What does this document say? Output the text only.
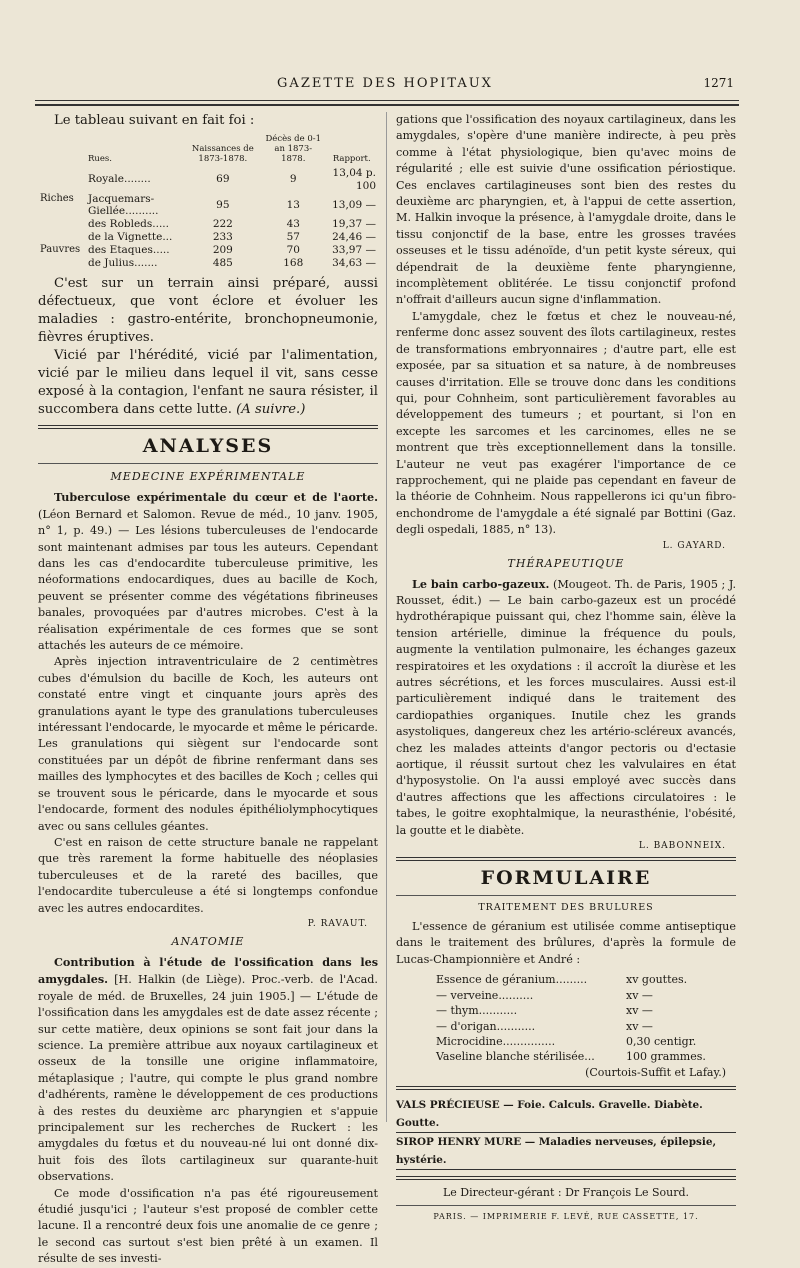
GAZETTE DES HOPITAUX	1271

Le tableau suivant en fait foi :

	Rues.	Naissances de 1873-1878.	Décès de 0-1 an 1873-1878.	Rapport.
Riches	Royale........	69	9	13,04 p. 100
	Jacquemars-Giellée..........	95	13	13,09 —
	des Robleds.....	222	43	19,37 —
Pauvres	de la Vignette...	233	57	24,46 —
	des Etaques.....	209	70	33,97 —
	de Julius.......	485	168	34,63 —

C'est sur un terrain ainsi préparé, aussi défectueux, que vont éclore et évoluer les maladies : gastro-entérite, bronchopneumonie, fièvres éruptives.

Vicié par l'hérédité, vicié par l'alimentation, vicié par le milieu dans lequel il vit, sans cesse exposé à la contagion, l'enfant ne saura résister, il succombera dans cette lutte. (A suivre.)

ANALYSES
MEDECINE EXPÉRIMENTALE

Tuberculose expérimentale du cœur et de l'aorte. (Léon Bernard et Salomon. Revue de méd., 10 janv. 1905, n° 1, p. 49.) — Les lésions tuberculeuses de l'endocarde sont maintenant admises par tous les auteurs. Cependant dans les cas d'endocardite tuberculeuse primitive, les néoformations endocardiques, dues au bacille de Koch, peuvent se présenter comme des végétations fibrineuses banales, provoquées par d'autres microbes. C'est à la réalisation expérimentale de ces formes que se sont attachés les auteurs de ce mémoire.

Après injection intraventriculaire de 2 centimètres cubes d'émulsion du bacille de Koch, les auteurs ont constaté entre vingt et cinquante jours après des granulations ayant le type des granulations tuberculeuses intéressant l'endocarde, le myocarde et même le péricarde. Les granulations qui siègent sur l'endocarde sont constituées par un dépôt de fibrine renfermant dans ses mailles des lymphocytes et des bacilles de Koch ; celles qui se trouvent sous le péricarde, dans le myocarde et sous l'endocarde, forment des nodules épithéliolymphocytiques avec ou sans cellules géantes.

C'est en raison de cette structure banale ne rappelant que très rarement la forme habituelle des néoplasies tuberculeuses et de la rareté des bacilles, que l'endocardite tuberculeuse a été si longtemps confondue avec les autres endocardites.

P. RAVAUT.
ANATOMIE

Contribution à l'étude de l'ossification dans les amygdales. [H. Halkin (de Liège). Proc.-verb. de l'Acad. royale de méd. de Bruxelles, 24 juin 1905.] — L'étude de l'ossification dans les amygdales est de date assez récente ; sur cette matière, deux opinions se sont fait jour dans la science. La première attribue aux noyaux cartilagineux et osseux de la tonsille une origine inflammatoire, métaplasique ; l'autre, qui compte le plus grand nombre d'adhérents, ramène le développement de ces productions à des restes du deuxième arc pharyngien et s'appuie principalement sur les recherches de Ruckert : les amygdales du fœtus et du nouveau-né lui ont donné dix-huit fois des îlots cartilagineux sur quarante-huit observations.

Ce mode d'ossification n'a pas été rigoureusement étudié jusqu'ici ; l'auteur s'est proposé de combler cette lacune. Il a rencontré deux fois une anomalie de ce genre ; le second cas surtout s'est bien prêté à un examen. Il résulte de ses investi-

gations que l'ossification des noyaux cartilagineux, dans les amygdales, s'opère d'une manière indirecte, à peu près comme à l'état physiologique, bien qu'avec moins de régularité ; elle est suivie d'une ossification périostique. Ces enclaves cartilagineuses sont bien des restes du deuxième arc pharyngien, et, à l'appui de cette assertion, M. Halkin invoque la présence, à l'amygdale droite, dans le tissu conjonctif de la base, entre les grosses travées osseuses et le tissu adénoïde, d'un petit kyste séreux, qui dépendrait de la deuxième fente pharyngienne, incomplètement oblitérée. Le tissu conjonctif profond n'offrait d'ailleurs aucun signe d'inflammation.

L'amygdale, chez le fœtus et chez le nouveau-né, renferme donc assez souvent des îlots cartilagineux, restes de transformations embryonnaires ; d'autre part, elle est exposée, par sa situation et sa nature, à de nombreuses causes d'irritation. Elle se trouve donc dans les conditions qui, pour Cohnheim, sont particulièrement favorables au développement des tumeurs ; et pourtant, si l'on en excepte les sarcomes et les carcinomes, elles ne se montrent que très exceptionnellement dans la tonsille. L'auteur ne veut pas exagérer l'importance de ce rapprochement, qui ne plaide pas cependant en faveur de la théorie de Cohnheim. Nous rappellerons ici qu'un fibro-enchondrome de l'amygdale a été signalé par Bottini (Gaz. degli ospedali, 1885, n° 13).

L. GAYARD.
THÉRAPEUTIQUE

Le bain carbo-gazeux. (Mougeot. Th. de Paris, 1905 ; J. Rousset, édit.) — Le bain carbo-gazeux est un procédé hydrothérapique puissant qui, chez l'homme sain, élève la tension artérielle, diminue la fréquence du pouls, augmente la ventilation pulmonaire, les échanges gazeux respiratoires et les oxydations : il accroît la diurèse et les autres sécrétions, et les forces musculaires. Aussi est-il particulièrement indiqué dans le traitement des cardiopathies organiques. Inutile chez les grands asystoliques, dangereux chez les artério-scléreux avancés, chez les malades atteints d'angor pectoris ou d'ectasie aortique, il réussit surtout chez les valvulaires en état d'hyposystolie. On l'a aussi employé avec succès dans d'autres affections que les affections circulatoires : le tabes, le goitre exophtalmique, la neurasthénie, l'obésité, la goutte et le diabète.

L. BABONNEIX.
FORMULAIRE
TRAITEMENT DES BRULURES

L'essence de géranium est utilisée comme antiseptique dans le traitement des brûlures, d'après la formule de Lucas-Championnière et André :

Essence de géranium.........	xv gouttes.
— verveine..........	xv —
— thym...........	xv —
— d'origan...........	xv —
Microcidine...............	0,30 centigr.
Vaseline blanche stérilisée...	100 grammes.
(Courtois-Suffit et Lafay.)
VALS PRÉCIEUSE — Foie. Calculs. Gravelle. Diabète. Goutte.
SIROP HENRY MURE — Maladies nerveuses, épilepsie, hystérie.
Le Directeur-gérant : Dr François Le Sourd.
PARIS. — IMPRIMERIE F. LEVÉ, RUE CASSETTE, 17.
